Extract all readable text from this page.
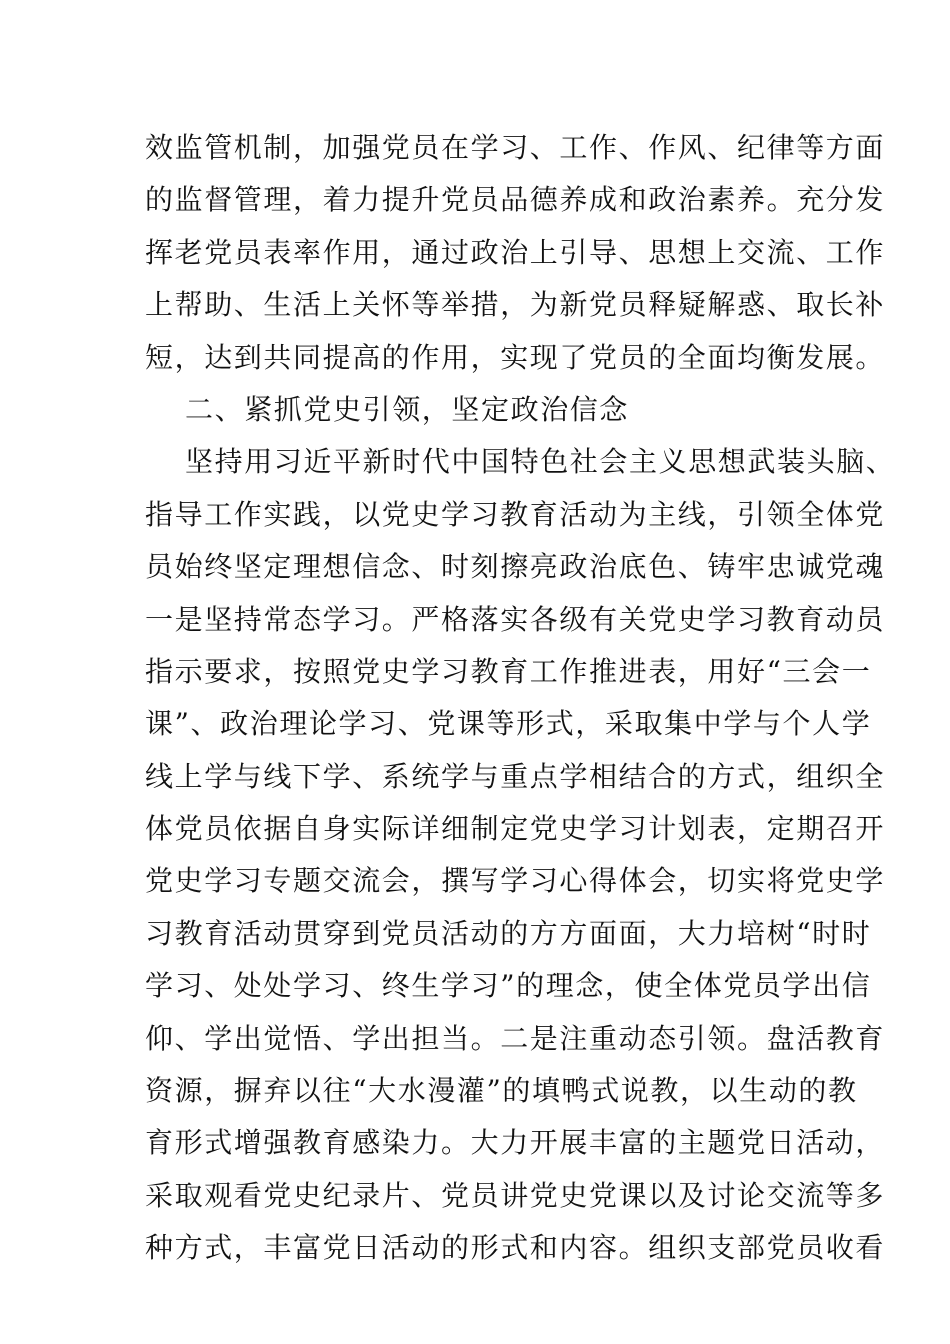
效监管机制，加强党员在学习、工作、作风、纪律等方面
的监督管理，着力提升党员品德养成和政治素养。充分发
挥老党员表率作用，通过政治上引导、思想上交流、工作
上帮助、生活上关怀等举措，为新党员释疑解惑、取长补
短，达到共同提高的作用，实现了党员的全面均衡发展。
二、紧抓党史引领，坚定政治信念
坚持用习近平新时代中国特色社会主义思想武装头脑、
指导工作实践，以党史学习教育活动为主线，引领全体党
员始终坚定理想信念、时刻擦亮政治底色、铸牢忠诚党魂
一是坚持常态学习。严格落实各级有关党史学习教育动员
指示要求，按照党史学习教育工作推进表，用好“三会一
课”、政治理论学习、党课等形式，采取集中学与个人学
线上学与线下学、系统学与重点学相结合的方式，组织全
体党员依据自身实际详细制定党史学习计划表，定期召开
党史学习专题交流会，撰写学习心得体会，切实将党史学
习教育活动贯穿到党员活动的方方面面，大力培树“时时
学习、处处学习、终生学习”的理念，使全体党员学出信
仰、学出觉悟、学出担当。二是注重动态引领。盘活教育
资源，摒弃以往“大水漫灌”的填鸭式说教，以生动的教
育形式增强教育感染力。大力开展丰富的主题党日活动，
采取观看党史纪录片、党员讲党史党课以及讨论交流等多
种方式，丰富党日活动的形式和内容。组织支部党员收看
